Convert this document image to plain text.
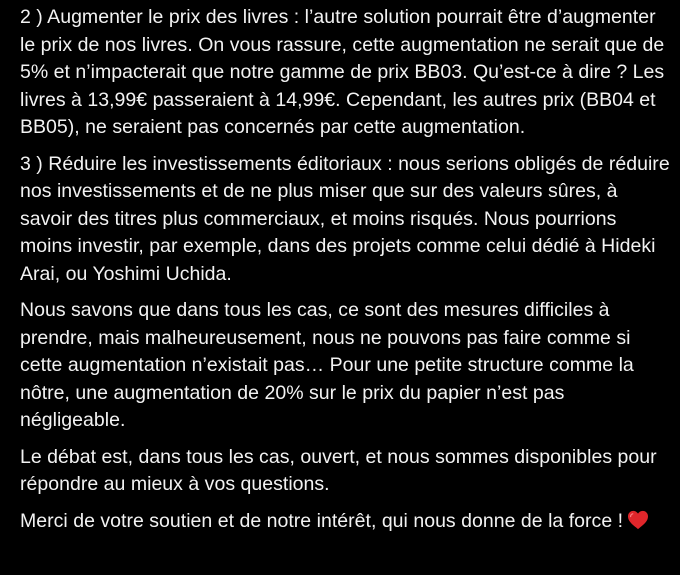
2 ) Augmenter le prix des livres : l’autre solution pourrait être d’augmenter le prix de nos livres. On vous rassure, cette augmentation ne serait que de 5% et n’impacterait que notre gamme de prix BB03. Qu’est-ce à dire ? Les livres à 13,99€ passeraient à 14,99€. Cependant, les autres prix (BB04 et BB05), ne seraient pas concernés par cette augmentation.

3 ) Réduire les investissements éditoriaux : nous serions obligés de réduire nos investissements et de ne plus miser que sur des valeurs sûres, à savoir des titres plus commerciaux, et moins risqués. Nous pourrions moins investir, par exemple, dans des projets comme celui dédié à Hideki Arai, ou Yoshimi Uchida.

Nous savons que dans tous les cas, ce sont des mesures difficiles à prendre, mais malheureusement, nous ne pouvons pas faire comme si cette augmentation n’existait pas… Pour une petite structure comme la nôtre, une augmentation de 20% sur le prix du papier n’est pas négligeable.

Le débat est, dans tous les cas, ouvert, et nous sommes disponibles pour répondre au mieux à vos questions.

Merci de votre soutien et de notre intérêt, qui nous donne de la force !
